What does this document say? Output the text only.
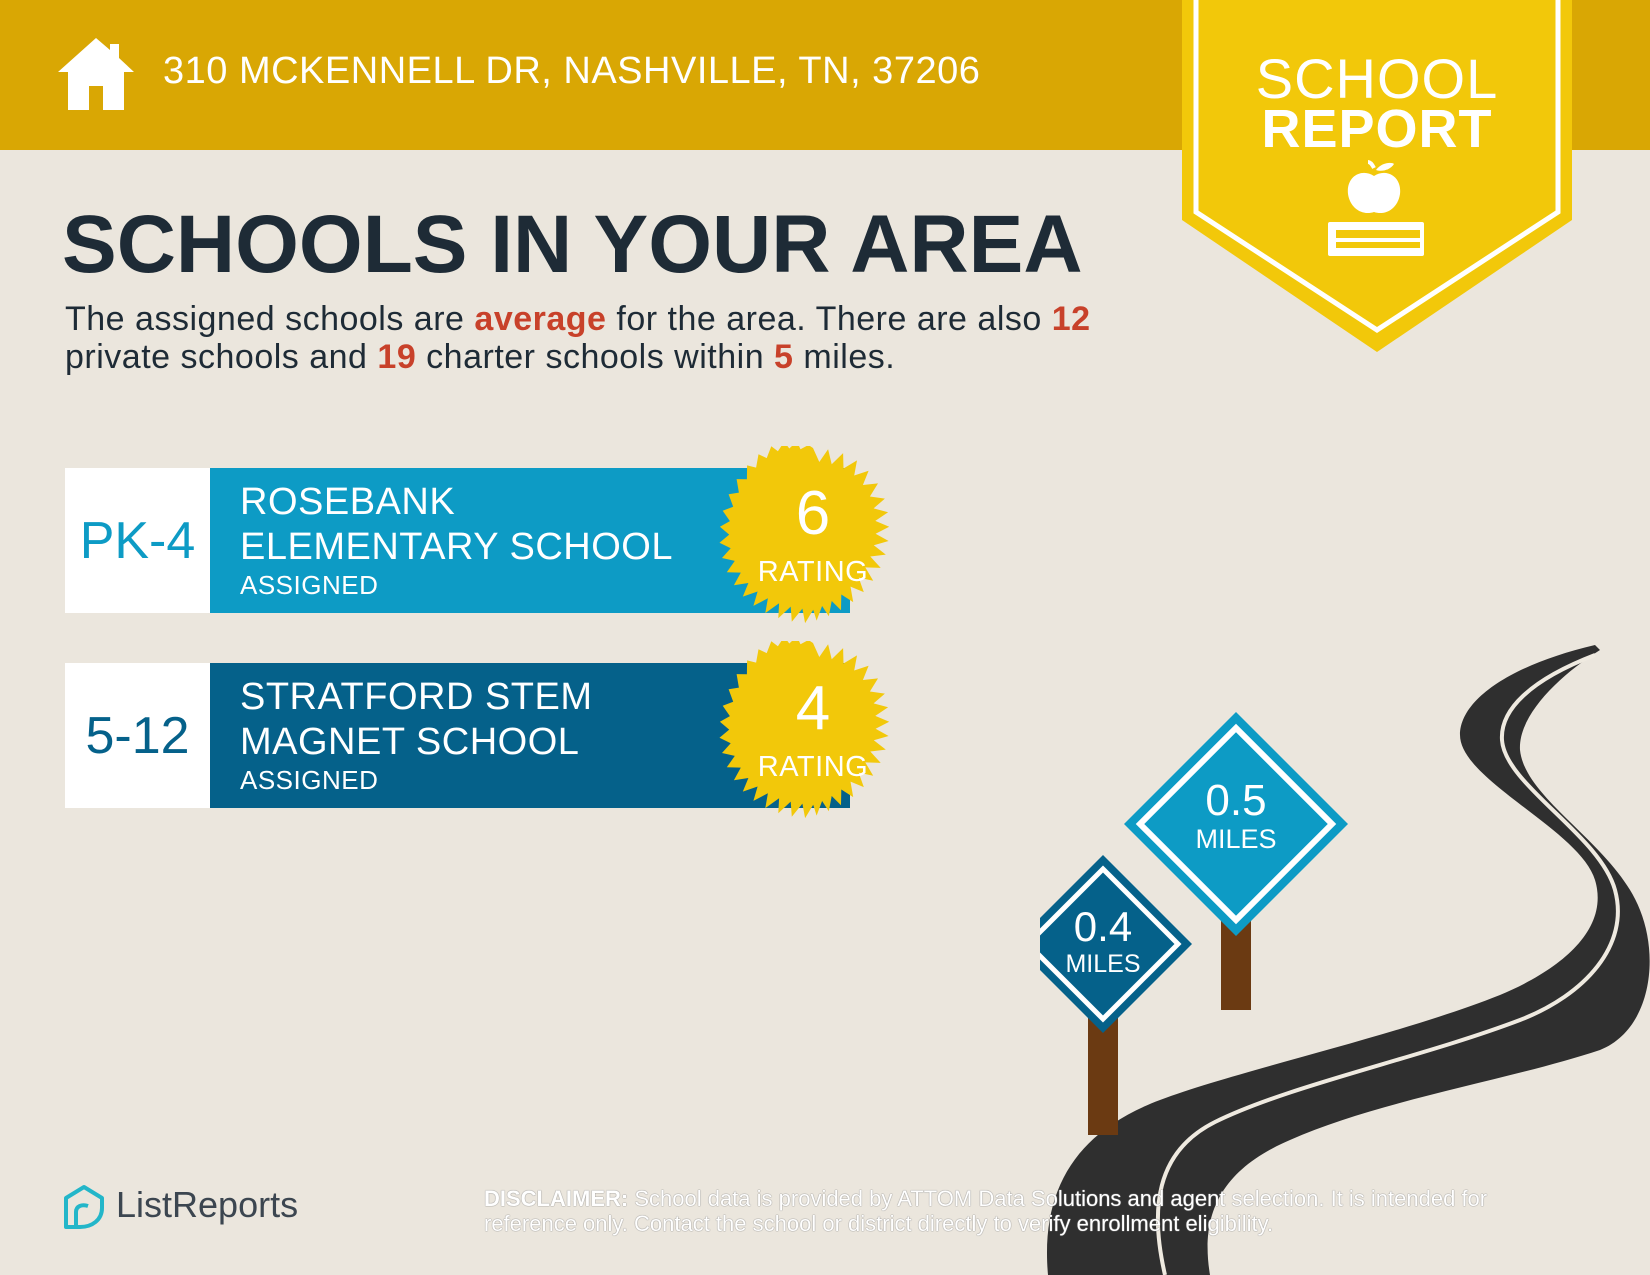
310 MCKENNELL DR, NASHVILLE, TN, 37206	SCHOOL
REPORT
SCHOOLS IN YOUR AREA
The assigned schools are average for the area. There are also 12
private schools and 19 charter schools within 5 miles.
PK-4
ROSEBANK
ELEMENTARY SCHOOL
ASSIGNED
6
RATING
5-12
STRATFORD STEM
MAGNET SCHOOL
ASSIGNED
4
RATING
0.5
MILES
0.4
MILES
ListReports	DISCLAIMER: School data is provided by ATTOM Data Solutions and agent selection. It is intended for reference only. Contact the school or district directly to verify enrollment eligibility.
